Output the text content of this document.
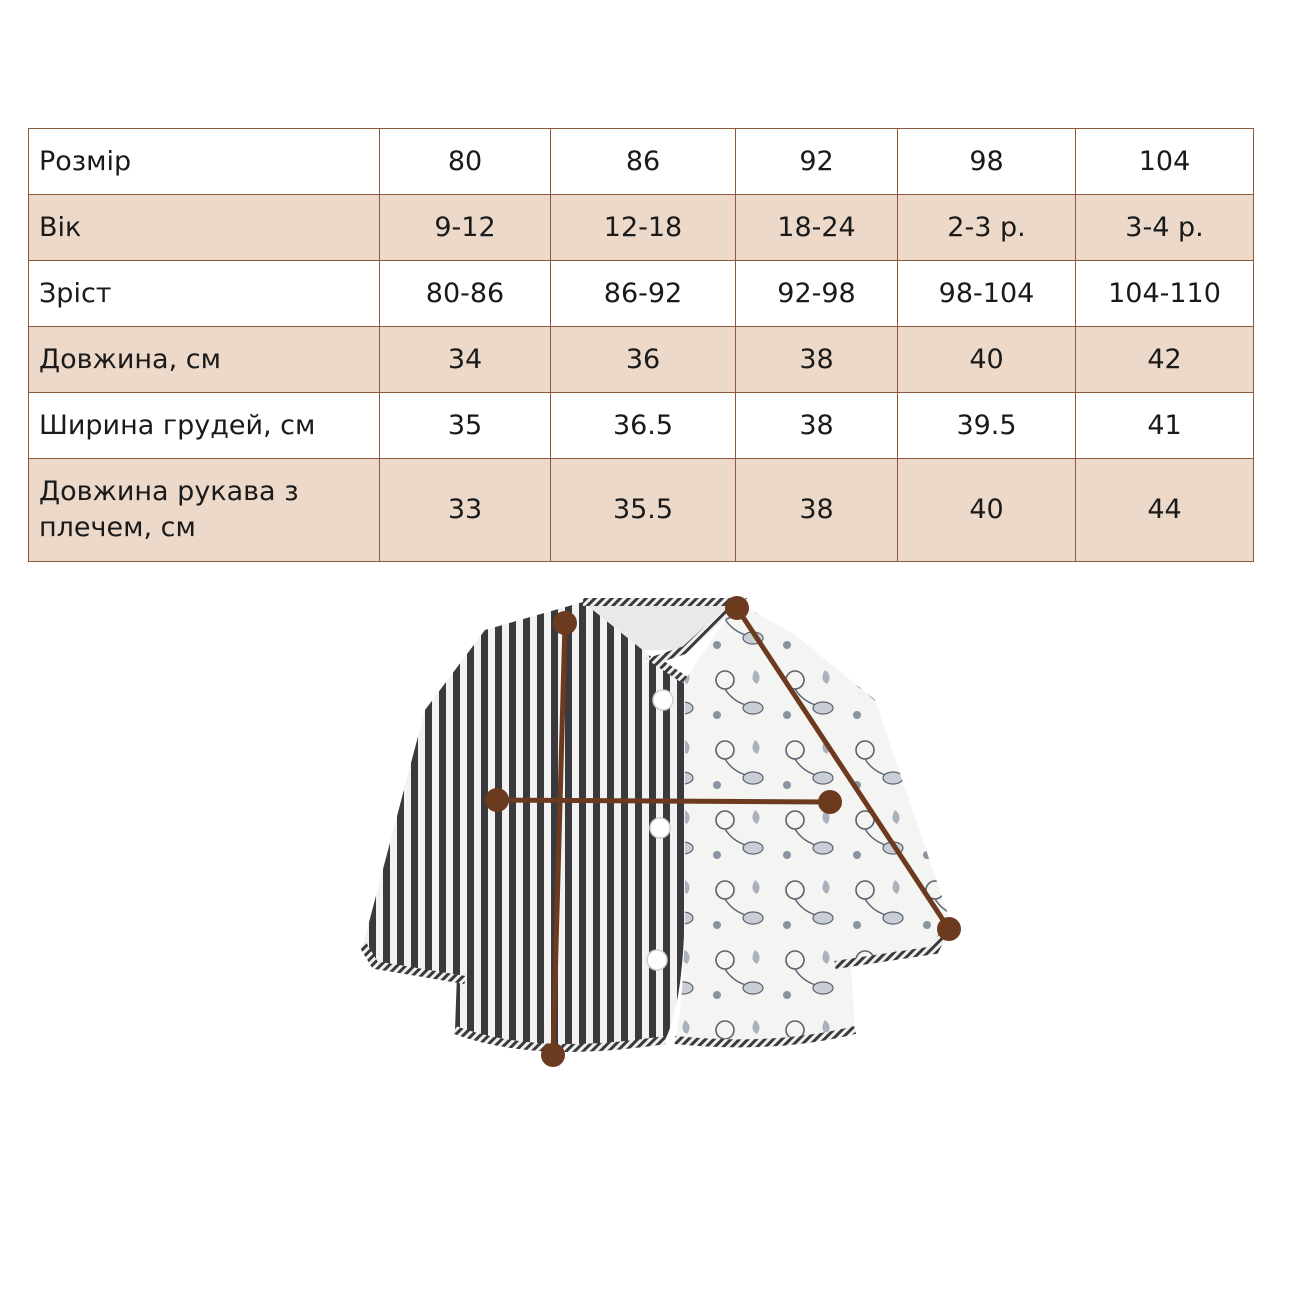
Розмір	80	86	92	98	104
Вік	9-12	12-18	18-24	2-3 р.	3-4 р.
Зріст	80-86	86-92	92-98	98-104	104-110
Довжина, см	34	36	38	40	42
Ширина грудей, см	35	36.5	38	39.5	41
Довжина рукава з плечем, см	33	35.5	38	40	44
